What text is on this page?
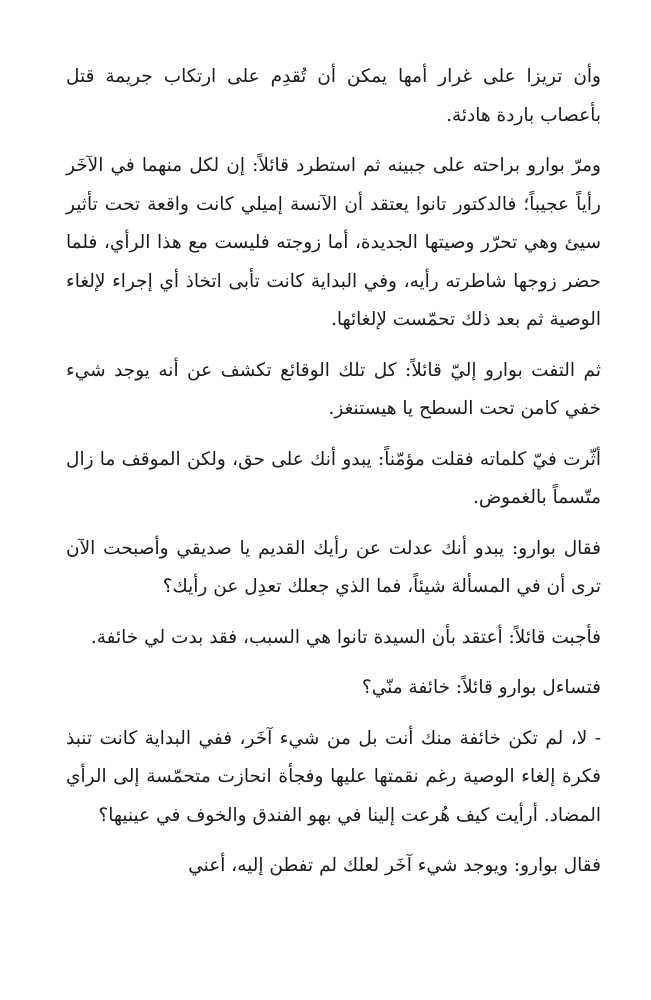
وأن تريزا على غرار أمها يمكن أن تُقدِم على ارتكاب جريمة قتل بأعصاب باردة هادئة.

ومرّ بوارو براحته على جبينه ثم استطرد قائلاً: إن لكل منهما في الآخَر رأياً عجيباً؛ فالدكتور تانوا يعتقد أن الآنسة إميلي كانت واقعة تحت تأثير سيئ وهي تحرّر وصيتها الجديدة، أما زوجته فليست مع هذا الرأي، فلما حضر زوجها شاطرته رأيه، وفي البداية كانت تأبى اتخاذ أي إجراء لإلغاء الوصية ثم بعد ذلك تحمّست لإلغائها.

ثم التفت بوارو إليّ قائلاً: كل تلك الوقائع تكشف عن أنه يوجد شيء خفي كامن تحت السطح يا هيستنغز.

أثّرت فيّ كلماته فقلت مؤمّناً: يبدو أنك على حق، ولكن الموقف ما زال متّسماً بالغموض.

فقال بوارو: يبدو أنك عدلت عن رأيك القديم يا صديقي وأصبحت الآن ترى أن في المسألة شيئاً، فما الذي جعلك تعدِل عن رأيك؟

فأجبت قائلاً: أعتقد بأن السيدة تانوا هي السبب، فقد بدت لي خائفة.

فتساءل بوارو قائلاً: خائفة منّي؟

- لا، لم تكن خائفة منك أنت بل من شيء آخَر، ففي البداية كانت تنبذ فكرة إلغاء الوصية رغم نقمتها عليها وفجأة انحازت متحمّسة إلى الرأي المضاد. أرأيت كيف هُرعت إلينا في بهو الفندق والخوف في عينيها؟

فقال بوارو: ويوجد شيء آخَر لعلك لم تفطن إليه، أعني
